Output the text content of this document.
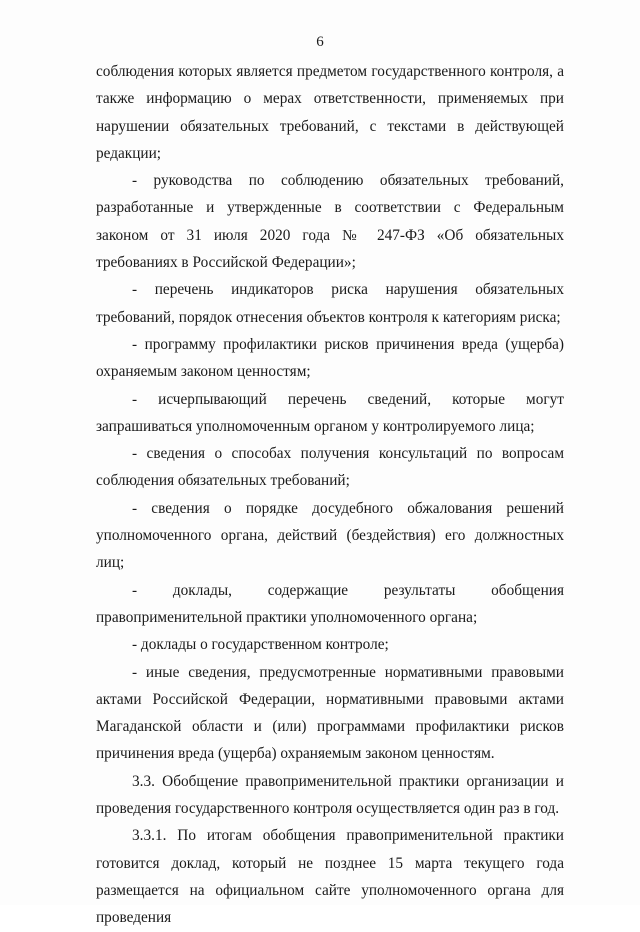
6

соблюдения которых является предметом государственного контроля, а также информацию о мерах ответственности, применяемых при нарушении обязательных требований, с текстами в действующей редакции;

- руководства по соблюдению обязательных требований, разработанные и утвержденные в соответствии с Федеральным законом от 31 июля 2020 года № 247-ФЗ «Об обязательных требованиях в Российской Федерации»;

- перечень индикаторов риска нарушения обязательных требований, порядок отнесения объектов контроля к категориям риска;

- программу профилактики рисков причинения вреда (ущерба) охраняемым законом ценностям;

- исчерпывающий перечень сведений, которые могут запрашиваться уполномоченным органом у контролируемого лица;

- сведения о способах получения консультаций по вопросам соблюдения обязательных требований;

- сведения о порядке досудебного обжалования решений уполномоченного органа, действий (бездействия) его должностных лиц;

- доклады, содержащие результаты обобщения правоприменительной практики уполномоченного органа;

- доклады о государственном контроле;

- иные сведения, предусмотренные нормативными правовыми актами Российской Федерации, нормативными правовыми актами Магаданской области и (или) программами профилактики рисков причинения вреда (ущерба) охраняемым законом ценностям.

3.3. Обобщение правоприменительной практики организации и проведения государственного контроля осуществляется один раз в год.

3.3.1. По итогам обобщения правоприменительной практики готовится доклад, который не позднее 15 марта текущего года размещается на официальном сайте уполномоченного органа для проведения
